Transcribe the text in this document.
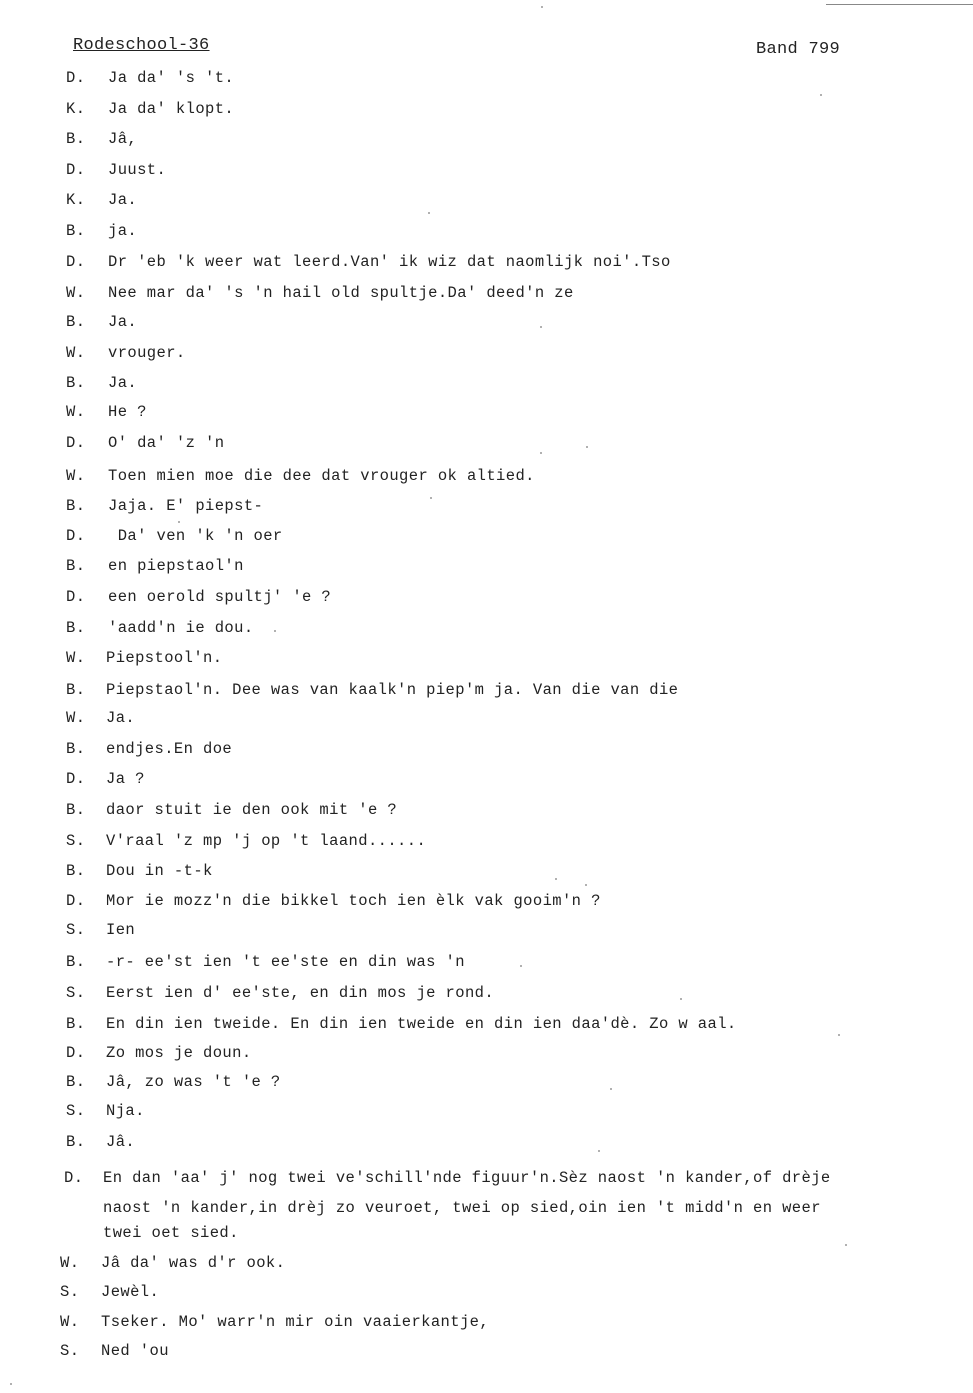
Rodeschool-36	Band 799
D.	Ja da' 's 't.
K.	Ja da' klopt.
B.	Jâ,
D.	Juust.
K.	Ja.
B.	ja.
D.	Dr 'eb 'k weer wat leerd.Van' ik wiz dat naomlijk noi'.Tso
W.	Nee mar da' 's 'n hail old spultje.Da' deed'n ze
B.	Ja.
W.	vrouger.
B.	Ja.
W.	He ?
D.	O' da' 'z 'n
W.	Toen mien moe die dee dat vrouger ok altied.
B.	Jaja. E' piepst-
D.	Da' ven 'k 'n oer
B.	en piepstaol'n
D.	een oerold spultj' 'e ?
B.	'aadd'n ie dou.
W.	Piepstool'n.
B.	Piepstaol'n. Dee was van kaalk'n piep'm ja. Van die van die
W.	Ja.
B.	endjes.En doe
D.	Ja ?
B.	daor stuit ie den ook mit 'e ?
S.	V'raal 'z mp 'j op 't laand......
B.	Dou in -t-k
D.	Mor ie mozz'n die bikkel toch ien èlk vak gooim'n ?
S.	Ien
B.	-r- ee'st ien 't ee'ste en din was 'n
S.	Eerst ien d' ee'ste, en din mos je rond.
B.	En din ien tweide. En din ien tweide en din ien daa'dè. Zo w aal.
D.	Zo mos je doun.
B.	Jâ, zo was 't 'e ?
S.	Nja.
B.	Jâ.
D.	En dan 'aa' j' nog twei ve'schill'nde figuur'n.Sèz naost 'n kander,of drèje
naost 'n kander,in drèj zo veuroet, twei op sied,oin ien 't midd'n en weer
twei oet sied.
W.	Jâ da' was d'r ook.
S.	Jewèl.
W.	Tseker. Mo' warr'n mir oin vaaierkantje,
S.	Ned 'ou
